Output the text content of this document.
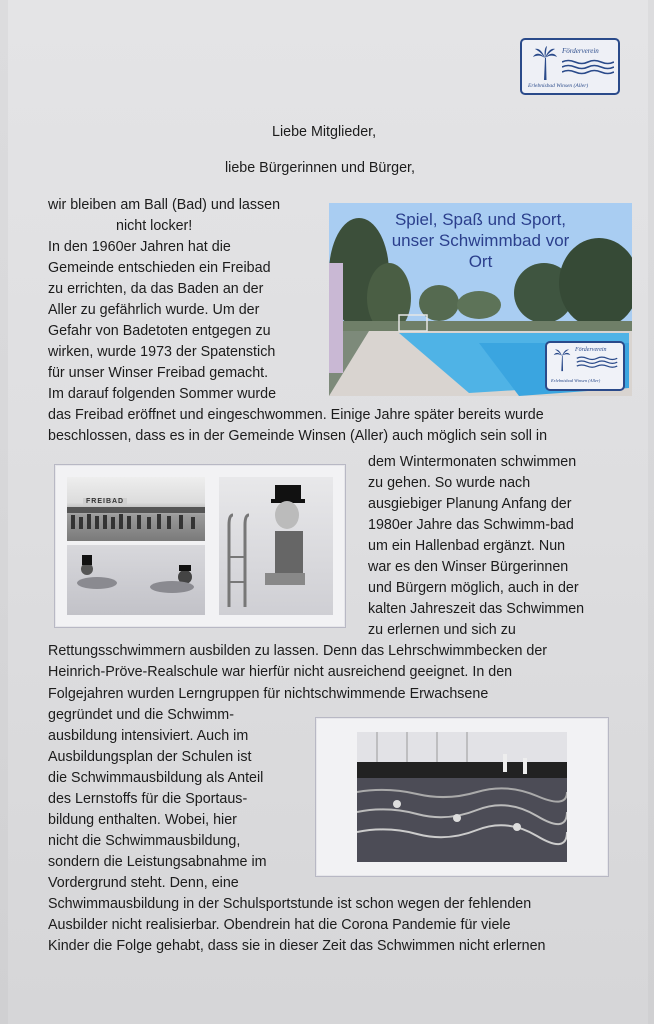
Förderverein
Erlebnisbad Winsen (Aller)
Liebe Mitglieder,
liebe Bürgerinnen und Bürger,
Spiel, Spaß und Sport,
unser Schwimmbad vor
Ort
Förderverein
Erlebnisbad Winsen (Aller)
FREIBAD
wir bleiben am Ball (Bad) und lassen
nicht locker!
In den 1960er Jahren hat die
Gemeinde entschieden ein Freibad
zu errichten, da das Baden an der
Aller zu gefährlich wurde. Um der
Gefahr von Badetoten entgegen zu
wirken, wurde 1973 der Spatenstich
für unser Winser Freibad gemacht.
Im darauf folgenden Sommer wurde
das Freibad eröffnet und eingeschwommen. Einige Jahre später bereits wurde
beschlossen, dass es in der Gemeinde Winsen (Aller) auch möglich sein soll in
dem Wintermonaten schwimmen
zu gehen. So wurde nach
ausgiebiger Planung Anfang der
1980er Jahre das Schwimm-bad
um ein Hallenbad ergänzt. Nun
war es den Winser Bürgerinnen
und Bürgern möglich, auch in der
kalten Jahreszeit das Schwimmen
zu erlernen und sich zu
Rettungsschwimmern ausbilden zu lassen. Denn das Lehrschwimmbecken der
Heinrich-Pröve-Realschule war hierfür nicht ausreichend geeignet. In den
Folgejahren wurden Lerngruppen für nichtschwimmende Erwachsene
gegründet und die Schwimm-
ausbildung intensiviert. Auch im
Ausbildungsplan der Schulen ist
die Schwimmausbildung als Anteil
des Lernstoffs für die Sportaus-
bildung enthalten. Wobei, hier
nicht die Schwimmausbildung,
sondern die Leistungsabnahme im
Vordergrund steht. Denn, eine
Schwimmausbildung in der Schulsportstunde ist schon wegen der fehlenden
Ausbilder nicht realisierbar. Obendrein hat die Corona Pandemie für viele
Kinder die Folge gehabt, dass sie in dieser Zeit das Schwimmen nicht erlernen
